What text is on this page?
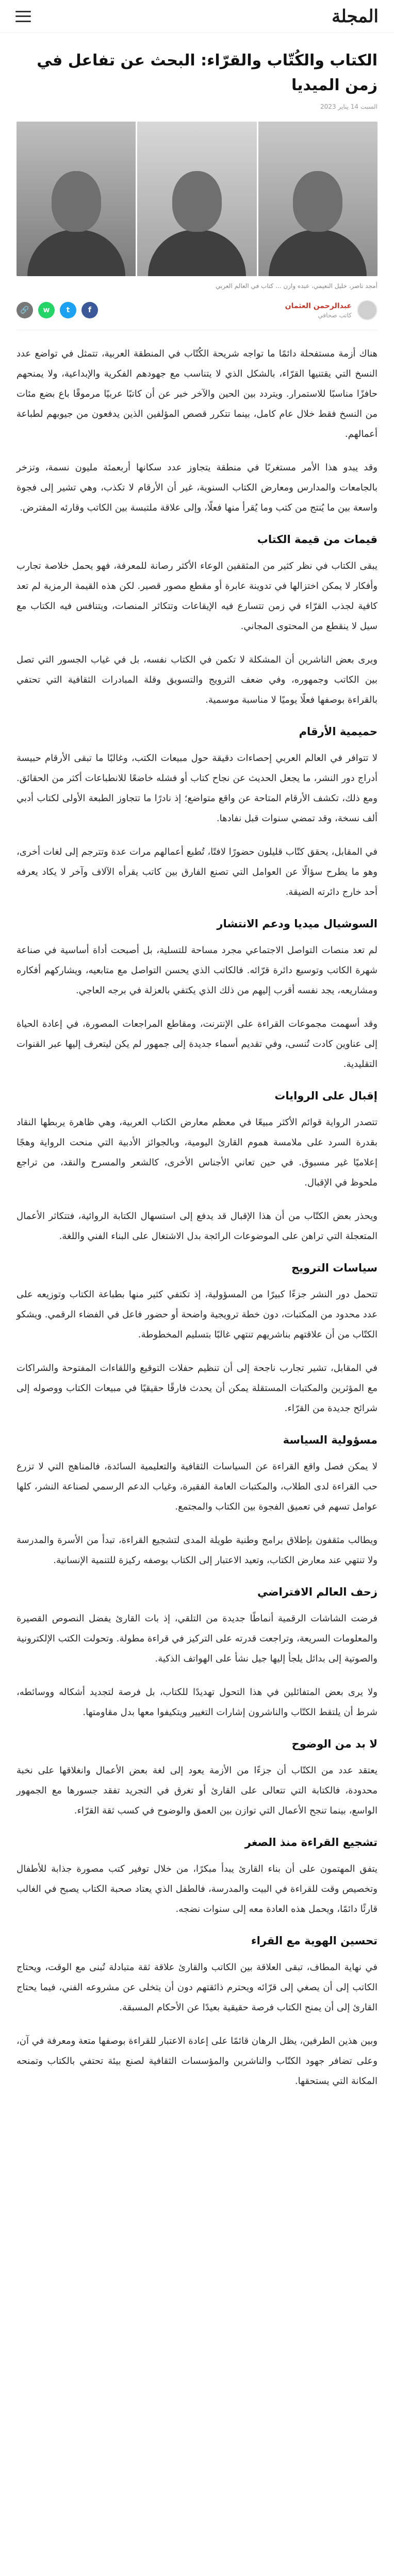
المجلة
الكتاب والكُتّاب والقرّاء: البحث عن تفاعل في زمن الميديا
السبت 14 يناير 2023
أمجد ناصر، خليل النعيمي، عبده وازن ... كتاب في العالم العربي
عبدالرحمن العثمان
كاتب صحافي
f
t
w
🔗

هناك أزمة مستفحلة دائمًا ما تواجه شريحة الكُتّاب في المنطقة العربية، تتمثل في تواضع عدد النسخ التي يقتنيها القرّاء، بالشكل الذي لا يتناسب مع جهودهم الفكرية والإبداعية، ولا يمنحهم حافزًا مناسبًا للاستمرار. ويتردد بين الحين والآخر خبر عن أن كاتبًا عربيًا مرموقًا باع بضع مئات من النسخ فقط خلال عام كامل، بينما تتكرر قصص المؤلفين الذين يدفعون من جيوبهم لطباعة أعمالهم.

وقد يبدو هذا الأمر مستغربًا في منطقة يتجاوز عدد سكانها أربعمئة مليون نسمة، وتزخر بالجامعات والمدارس ومعارض الكتاب السنوية، غير أن الأرقام لا تكذب، وهي تشير إلى فجوة واسعة بين ما يُنتج من كتب وما يُقرأ منها فعلًا، وإلى علاقة ملتبسة بين الكاتب وقارئه المفترض.

قيمات من قيمة الكتاب

يبقى الكتاب في نظر كثير من المثقفين الوعاء الأكثر رصانة للمعرفة، فهو يحمل خلاصة تجارب وأفكار لا يمكن اختزالها في تدوينة عابرة أو مقطع مصور قصير. لكن هذه القيمة الرمزية لم تعد كافية لجذب القرّاء في زمن تتسارع فيه الإيقاعات وتتكاثر المنصات، ويتنافس فيه الكتاب مع سيل لا ينقطع من المحتوى المجاني.

ويرى بعض الناشرين أن المشكلة لا تكمن في الكتاب نفسه، بل في غياب الجسور التي تصل بين الكاتب وجمهوره، وفي ضعف الترويج والتسويق وقلة المبادرات الثقافية التي تحتفي بالقراءة بوصفها فعلًا يوميًا لا مناسبة موسمية.

حميمية الأرقام

لا تتوافر في العالم العربي إحصاءات دقيقة حول مبيعات الكتب، وغالبًا ما تبقى الأرقام حبيسة أدراج دور النشر، ما يجعل الحديث عن نجاح كتاب أو فشله خاضعًا للانطباعات أكثر من الحقائق. ومع ذلك، تكشف الأرقام المتاحة عن واقع متواضع؛ إذ نادرًا ما تتجاوز الطبعة الأولى لكتاب أدبي ألف نسخة، وقد تمضي سنوات قبل نفادها.

في المقابل، يحقق كتّاب قليلون حضورًا لافتًا، تُطبع أعمالهم مرات عدة وتترجم إلى لغات أخرى، وهو ما يطرح سؤالًا عن العوامل التي تصنع الفارق بين كاتب يقرأه الآلاف وآخر لا يكاد يعرفه أحد خارج دائرته الضيقة.

السوشيال ميديا ودعم الانتشار

لم تعد منصات التواصل الاجتماعي مجرد مساحة للتسلية، بل أصبحت أداة أساسية في صناعة شهرة الكاتب وتوسيع دائرة قرّائه. فالكاتب الذي يحسن التواصل مع متابعيه، ويشاركهم أفكاره ومشاريعه، يجد نفسه أقرب إليهم من ذلك الذي يكتفي بالعزلة في برجه العاجي.

وقد أسهمت مجموعات القراءة على الإنترنت، ومقاطع المراجعات المصورة، في إعادة الحياة إلى عناوين كادت تُنسى، وفي تقديم أسماء جديدة إلى جمهور لم يكن ليتعرف إليها عبر القنوات التقليدية.

إقبال على الروايات

تتصدر الرواية قوائم الأكثر مبيعًا في معظم معارض الكتاب العربية، وهي ظاهرة يربطها النقاد بقدرة السرد على ملامسة هموم القارئ اليومية، وبالجوائز الأدبية التي منحت الرواية وهجًا إعلاميًا غير مسبوق. في حين تعاني الأجناس الأخرى، كالشعر والمسرح والنقد، من تراجع ملحوظ في الإقبال.

ويحذر بعض الكتّاب من أن هذا الإقبال قد يدفع إلى استسهال الكتابة الروائية، فتتكاثر الأعمال المتعجلة التي تراهن على الموضوعات الرائجة بدل الاشتغال على البناء الفني واللغة.

سياسات الترويج

تتحمل دور النشر جزءًا كبيرًا من المسؤولية، إذ تكتفي كثير منها بطباعة الكتاب وتوزيعه على عدد محدود من المكتبات، دون خطة ترويجية واضحة أو حضور فاعل في الفضاء الرقمي. ويشكو الكتّاب من أن علاقتهم بناشريهم تنتهي غالبًا بتسليم المخطوطة.

في المقابل، تشير تجارب ناجحة إلى أن تنظيم حفلات التوقيع واللقاءات المفتوحة والشراكات مع المؤثرين والمكتبات المستقلة يمكن أن يحدث فارقًا حقيقيًا في مبيعات الكتاب ووصوله إلى شرائح جديدة من القرّاء.

مسؤولية السياسة

لا يمكن فصل واقع القراءة عن السياسات الثقافية والتعليمية السائدة، فالمناهج التي لا تزرع حب القراءة لدى الطلاب، والمكتبات العامة الفقيرة، وغياب الدعم الرسمي لصناعة النشر، كلها عوامل تسهم في تعميق الفجوة بين الكتاب والمجتمع.

ويطالب مثقفون بإطلاق برامج وطنية طويلة المدى لتشجيع القراءة، تبدأ من الأسرة والمدرسة ولا تنتهي عند معارض الكتاب، وتعيد الاعتبار إلى الكتاب بوصفه ركيزة للتنمية الإنسانية.

زحف العالم الافتراضي

فرضت الشاشات الرقمية أنماطًا جديدة من التلقي، إذ بات القارئ يفضل النصوص القصيرة والمعلومات السريعة، وتراجعت قدرته على التركيز في قراءة مطولة. وتحولت الكتب الإلكترونية والصوتية إلى بدائل يلجأ إليها جيل نشأ على الهواتف الذكية.

ولا يرى بعض المتفائلين في هذا التحول تهديدًا للكتاب، بل فرصة لتجديد أشكاله ووسائطه، شرط أن يلتقط الكتّاب والناشرون إشارات التغيير ويتكيفوا معها بدل مقاومتها.

لا بد من الوضوح

يعتقد عدد من الكتّاب أن جزءًا من الأزمة يعود إلى لغة بعض الأعمال وانغلاقها على نخبة محدودة، فالكتابة التي تتعالى على القارئ أو تغرق في التجريد تفقد جسورها مع الجمهور الواسع، بينما تنجح الأعمال التي توازن بين العمق والوضوح في كسب ثقة القرّاء.

تشجيع القراءة منذ الصغر

يتفق المهتمون على أن بناء القارئ يبدأ مبكرًا، من خلال توفير كتب مصورة جذابة للأطفال وتخصيص وقت للقراءة في البيت والمدرسة، فالطفل الذي يعتاد صحبة الكتاب يصبح في الغالب قارئًا دائمًا، ويحمل هذه العادة معه إلى سنوات نضجه.

تحسين الهوية مع القراء

في نهاية المطاف، تبقى العلاقة بين الكاتب والقارئ علاقة ثقة متبادلة تُبنى مع الوقت، ويحتاج الكاتب إلى أن يصغي إلى قرّائه ويحترم ذائقتهم دون أن يتخلى عن مشروعه الفني، فيما يحتاج القارئ إلى أن يمنح الكتاب فرصة حقيقية بعيدًا عن الأحكام المسبقة.

وبين هذين الطرفين، يظل الرهان قائمًا على إعادة الاعتبار للقراءة بوصفها متعة ومعرفة في آن، وعلى تضافر جهود الكتّاب والناشرين والمؤسسات الثقافية لصنع بيئة تحتفي بالكتاب وتمنحه المكانة التي يستحقها.
